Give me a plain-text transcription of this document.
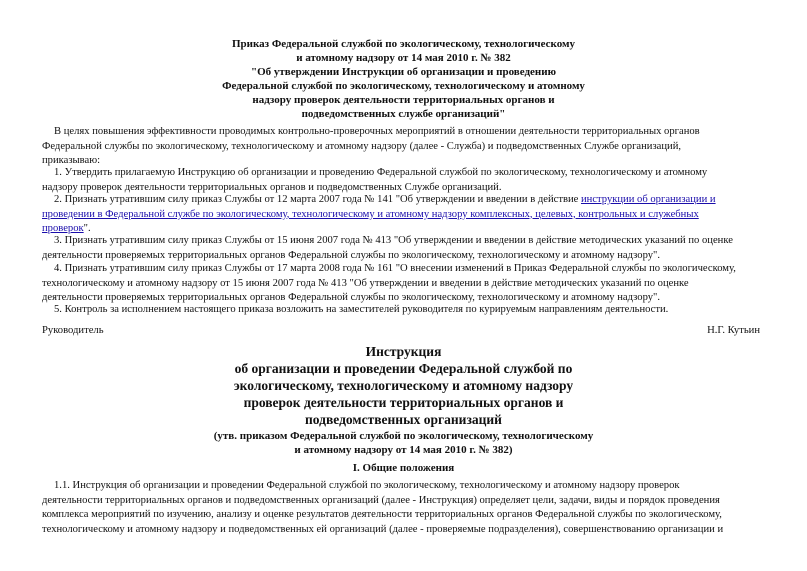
Приказ Федеральной службой по экологическому, технологическому
и атомному надзору от 14 мая 2010 г. № 382
"Об утверждении Инструкции об организации и проведению
Федеральной службой по экологическому, технологическому и атомному
надзору проверок деятельности территориальных органов и
подведомственных службе организаций"
В целях повышения эффективности проводимых контрольно-проверочных мероприятий в отношении деятельности территориальных органов
Федеральной службы по экологическому, технологическому и атомному надзору (далее - Служба) и подведомственных Службе организаций,
приказываю:
1. Утвердить прилагаемую Инструкцию об организации и проведению Федеральной службой по экологическому, технологическому и атомному
надзору проверок деятельности территориальных органов и подведомственных Службе организаций.
2. Признать утратившим силу приказ Службы от 12 марта 2007 года № 141 "Об утверждении и введении в действие инструкции об организации и
проведении в Федеральной службе по экологическому, технологическому и атомному надзору комплексных, целевых, контрольных и служебных
проверок".
3. Признать утратившим силу приказ Службы от 15 июня 2007 года № 413 "Об утверждении и введении в действие методических указаний по оценке
деятельности проверяемых территориальных органов Федеральной службы по экологическому, технологическому и атомному надзору".
4. Признать утратившим силу приказ Службы от 17 марта 2008 года № 161 "О внесении изменений в Приказ Федеральной службы по экологическому,
технологическому и атомному надзору от 15 июня 2007 года № 413 "Об утверждении и введении в действие методических указаний по оценке
деятельности проверяемых территориальных органов Федеральной службы по экологическому, технологическому и атомному надзору".
5. Контроль за исполнением настоящего приказа возложить на заместителей руководителя по курируемым направлениям деятельности.
Руководитель	Н.Г. Кутьин
Инструкция
об организации и проведении Федеральной службой по
экологическому, технологическому и атомному надзору
проверок деятельности территориальных органов и
подведомственных организаций
(утв. приказом Федеральной службой по экологическому, технологическому
и атомному надзору от 14 мая 2010 г. № 382)
I. Общие положения
1.1. Инструкция об организации и проведении Федеральной службой по экологическому, технологическому и атомному надзору проверок
деятельности территориальных органов и подведомственных организаций (далее - Инструкция) определяет цели, задачи, виды и порядок проведения
комплекса мероприятий по изучению, анализу и оценке результатов деятельности территориальных органов Федеральной службы по экологическому,
технологическому и атомному надзору и подведомственных ей организаций (далее - проверяемые подразделения), совершенствованию организации и
